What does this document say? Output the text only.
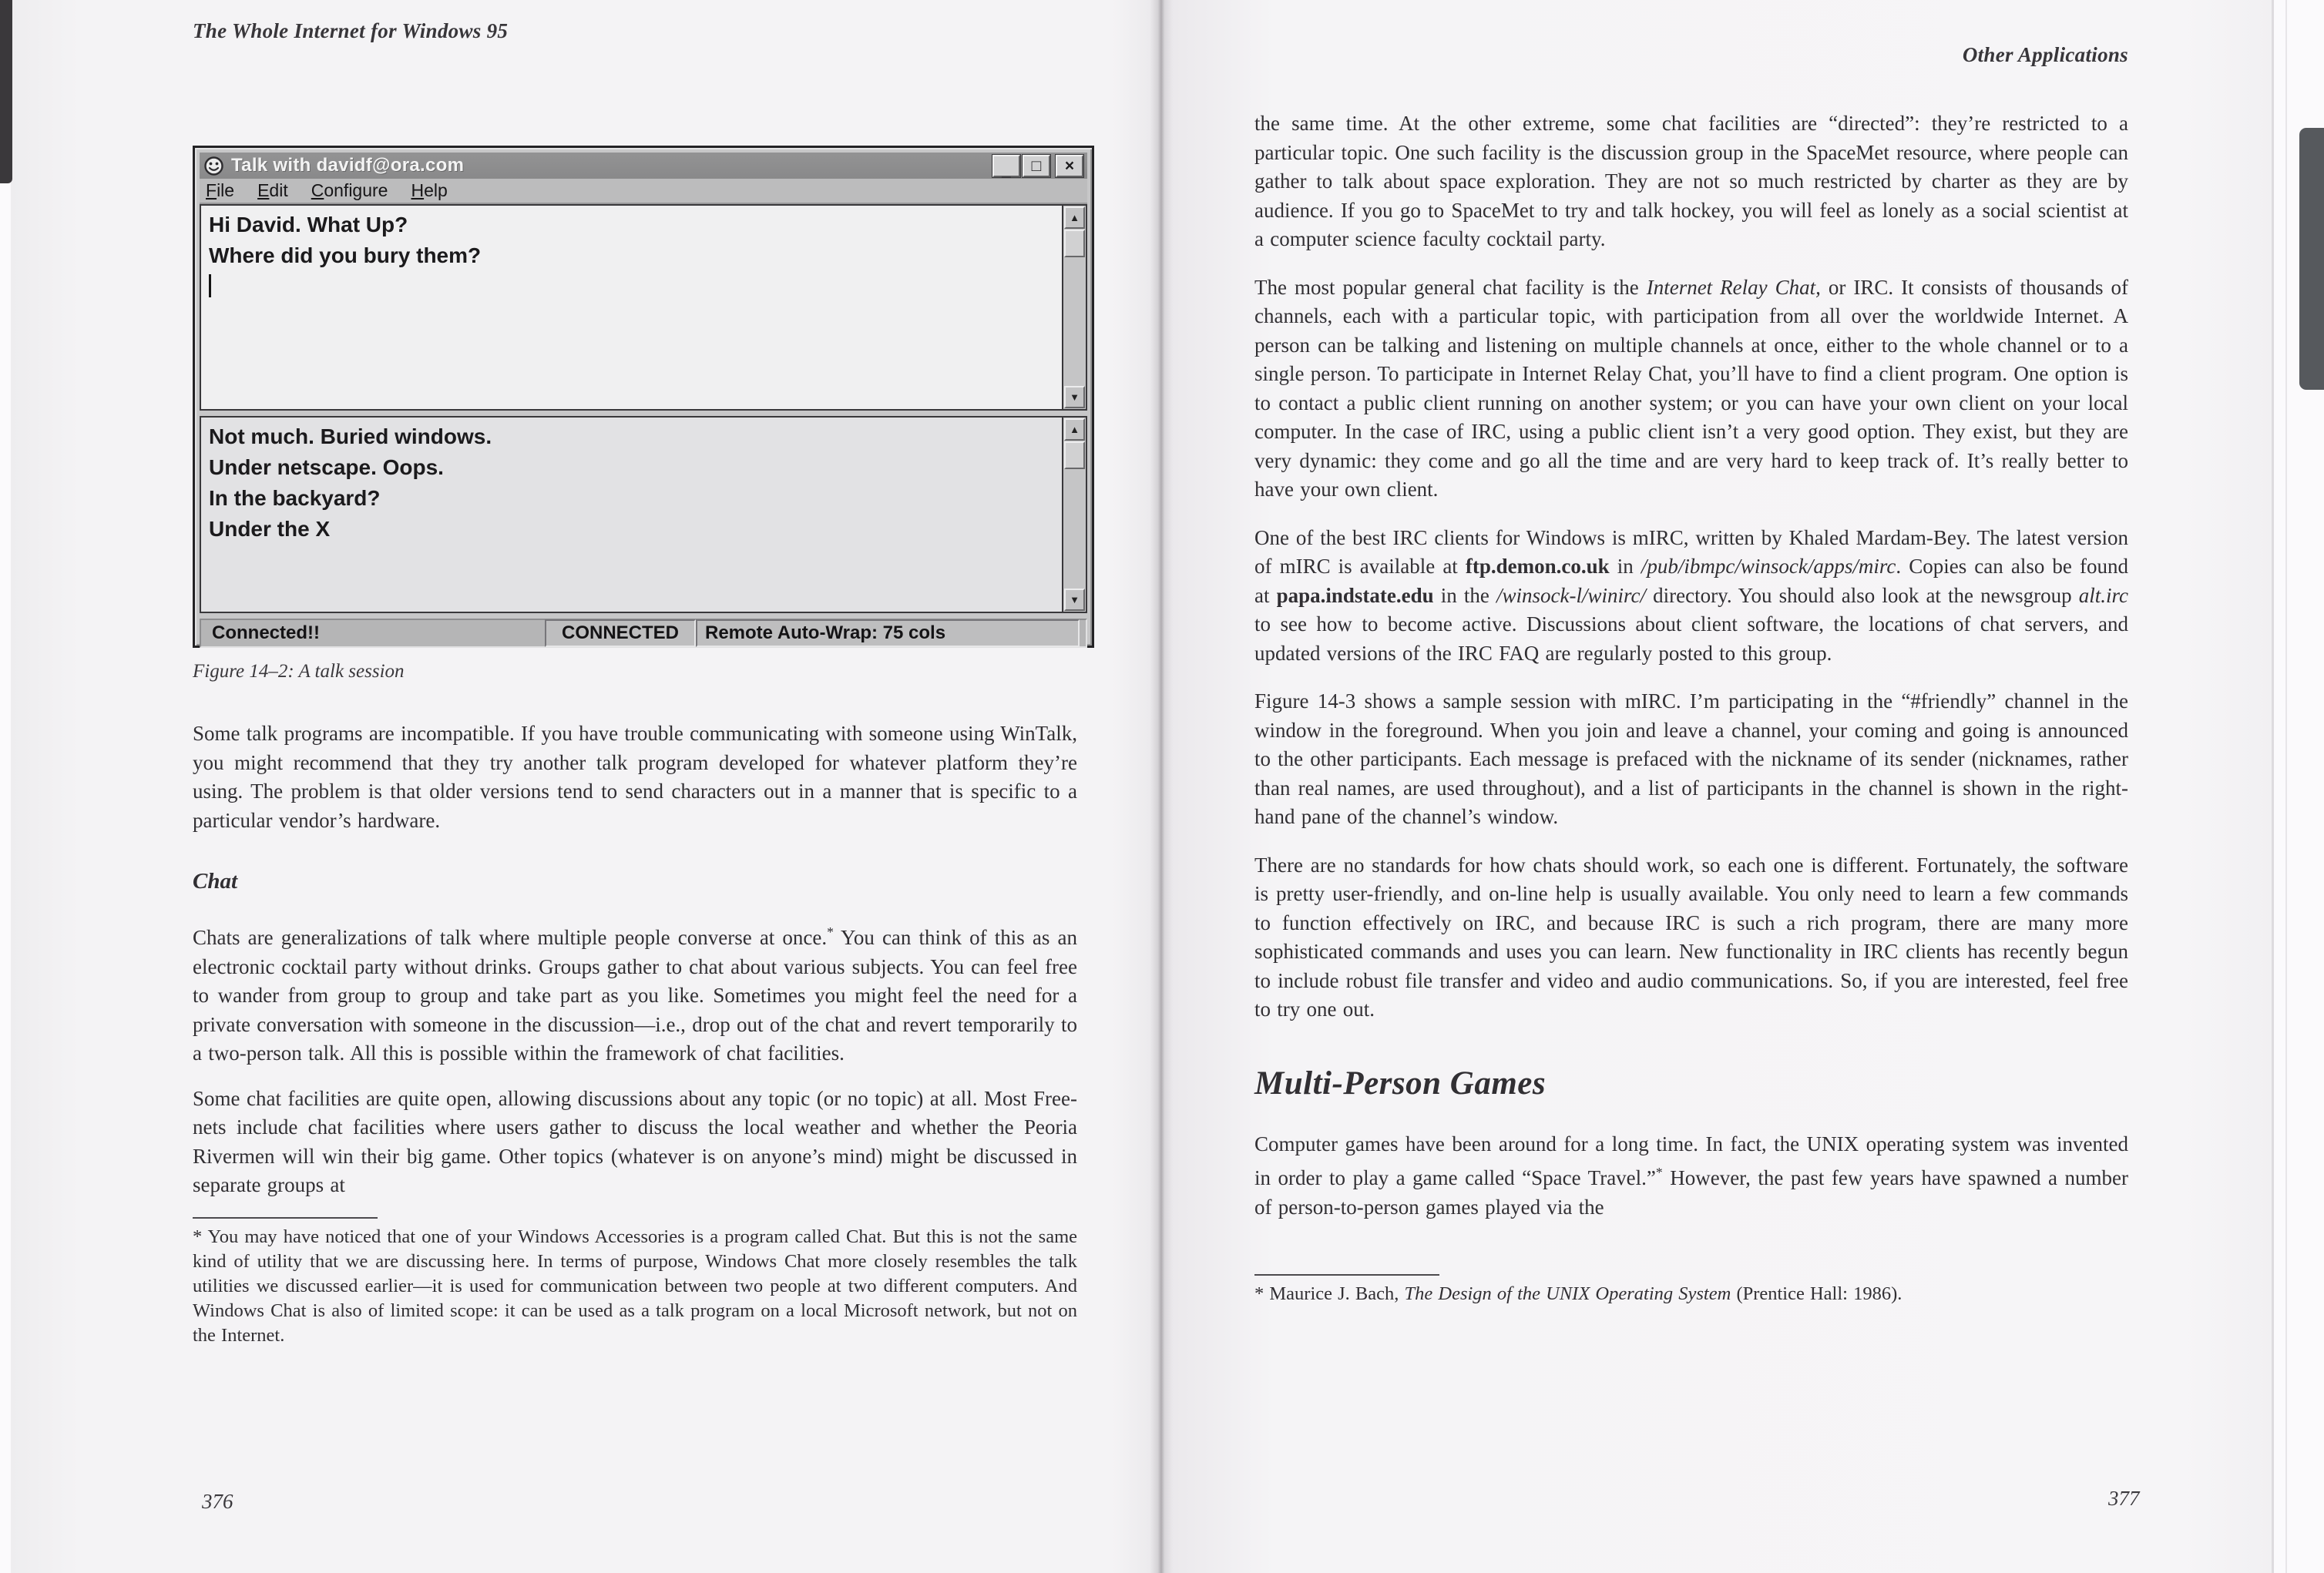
The Whole Internet for Windows 95
Talk with davidf@ora.com	_ □ ×
File Edit Configure Help
Hi David. What Up?
Where did you bury them?
▲
▼
Not much. Buried windows.
Under netscape. Oops.
In the backyard?
Under the X
▲
▼
Connected!!	CONNECTED	Remote Auto-Wrap: 75 cols
Figure 14–2: A talk session

Some talk programs are incompatible. If you have trouble communicating with someone using WinTalk, you might recommend that they try another talk program developed for whatever platform they’re using. The problem is that older versions tend to send characters out in a manner that is specific to a particular vendor’s hardware.

Chat

Chats are generalizations of talk where multiple people converse at once.* You can think of this as an electronic cocktail party without drinks. Groups gather to chat about various subjects. You can feel free to wander from group to group and take part as you like. Sometimes you might feel the need for a private conversation with someone in the discussion—i.e., drop out of the chat and revert temporarily to a two-person talk. All this is possible within the framework of chat facilities.

Some chat facilities are quite open, allowing discussions about any topic (or no topic) at all. Most Free-nets include chat facilities where users gather to discuss the local weather and whether the Peoria Rivermen will win their big game. Other topics (whatever is on anyone’s mind) might be discussed in separate groups at

* You may have noticed that one of your Windows Accessories is a program called Chat. But this is not the same kind of utility that we are discussing here. In terms of purpose, Windows Chat more closely resembles the talk utilities we discussed earlier—it is used for communication between two people at two different computers. And Windows Chat is also of limited scope: it can be used as a talk program on a local Microsoft network, but not on the Internet.

376
Other Applications

the same time. At the other extreme, some chat facilities are “directed”: they’re restricted to a particular topic. One such facility is the discussion group in the SpaceMet resource, where people can gather to talk about space exploration. They are not so much restricted by charter as they are by audience. If you go to SpaceMet to try and talk hockey, you will feel as lonely as a social scientist at a computer science faculty cocktail party.

The most popular general chat facility is the Internet Relay Chat, or IRC. It consists of thousands of channels, each with a particular topic, with participation from all over the worldwide Internet. A person can be talking and listening on multiple channels at once, either to the whole channel or to a single person. To participate in Internet Relay Chat, you’ll have to find a client program. One option is to contact a public client running on another system; or you can have your own client on your local computer. In the case of IRC, using a public client isn’t a very good option. They exist, but they are very dynamic: they come and go all the time and are very hard to keep track of. It’s really better to have your own client.

One of the best IRC clients for Windows is mIRC, written by Khaled Mardam-Bey. The latest version of mIRC is available at ftp.demon.co.uk in /pub/ibmpc/winsock/apps/mirc. Copies can also be found at papa.indstate.edu in the /winsock-l/winirc/ directory. You should also look at the newsgroup alt.irc to see how to become active. Discussions about client software, the locations of chat servers, and updated versions of the IRC FAQ are regularly posted to this group.

Figure 14-3 shows a sample session with mIRC. I’m participating in the “#friendly” channel in the window in the foreground. When you join and leave a channel, your coming and going is announced to the other participants. Each message is prefaced with the nickname of its sender (nicknames, rather than real names, are used throughout), and a list of participants in the channel is shown in the right-hand pane of the channel’s window.

There are no standards for how chats should work, so each one is different. Fortunately, the software is pretty user-friendly, and on-line help is usually available. You only need to learn a few commands to function effectively on IRC, and because IRC is such a rich program, there are many more sophisticated commands and uses you can learn. New functionality in IRC clients has recently begun to include robust file transfer and video and audio communications. So, if you are interested, feel free to try one out.

Multi-Person Games

Computer games have been around for a long time. In fact, the UNIX operating system was invented in order to play a game called “Space Travel.”* However, the past few years have spawned a number of person-to-person games played via the

* Maurice J. Bach, The Design of the UNIX Operating System (Prentice Hall: 1986).

377
